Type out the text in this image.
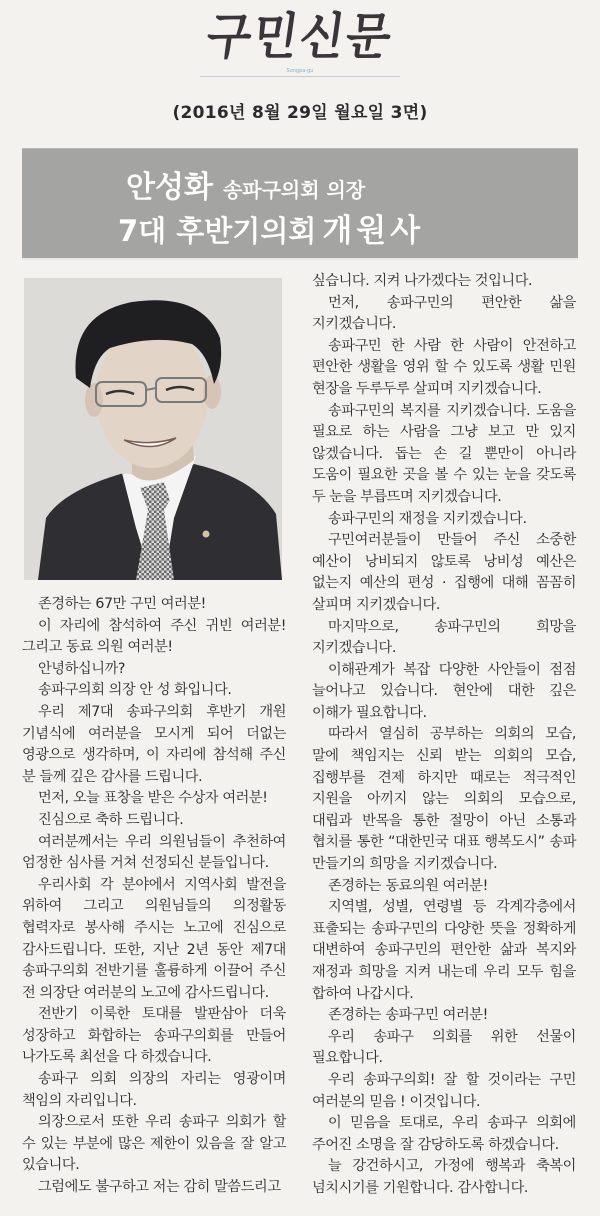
구민신문
Songpa-gu
(2016년 8월 29일 월요일 3면)
안성화 송파구의회 의장
7대 후반기의회 개원사

존경하는 67만 구민 여러분!

이 자리에 참석하여 주신 귀빈 여러분! 그리고 동료 의원 여러분!

안녕하십니까?

송파구의회 의장 안 성 화입니다.

우리 제7대 송파구의회 후반기 개원 기념식에 여러분을 모시게 되어 더없는 영광으로 생각하며, 이 자리에 참석해 주신 분 들께 깊은 감사를 드립니다.

먼저, 오늘 표창을 받은 수상자 여러분!

진심으로 축하 드립니다.

여러분께서는 우리 의원님들이 추천하여 엄정한 심사를 거쳐 선정되신 분들입니다.

우리사회 각 분야에서 지역사회 발전을 위하여 그리고 의원님들의 의정활동 협력자로 봉사해 주시는 노고에 진심으로 감사드립니다. 또한, 지난 2년 동안 제7대 송파구의회 전반기를 훌륭하게 이끌어 주신 전 의장단 여러분의 노고에 감사드립니다.

전반기 이룩한 토대를 발판삼아 더욱 성장하고 화합하는 송파구의회를 만들어 나가도록 최선을 다 하겠습니다.

송파구 의회 의장의 자리는 영광이며 책임의 자리입니다.

의장으로서 또한 우리 송파구 의회가 할 수 있는 부분에 많은 제한이 있음을 잘 알고 있습니다.

그럼에도 불구하고 저는 감히 말씀드리고

싶습니다. 지켜 나가겠다는 것입니다.

먼저, 송파구민의 편안한 삶을 지키겠습니다.

송파구민 한 사람 한 사람이 안전하고 편안한 생활을 영위 할 수 있도록 생활 민원 현장을 두루두루 살피며 지키겠습니다.

송파구민의 복지를 지키겠습니다. 도움을 필요로 하는 사람을 그냥 보고 만 있지 않겠습니다. 돕는 손 길 뿐만이 아니라 도움이 필요한 곳을 볼 수 있는 눈을 갖도록 두 눈을 부릅뜨며 지키겠습니다.

송파구민의 재정을 지키겠습니다.

구민여러분들이 만들어 주신 소중한 예산이 낭비되지 않토록 낭비성 예산은 없는지 예산의 편성 · 집행에 대해 꼼꼼히 살피며 지키겠습니다.

마지막으로, 송파구민의 희망을 지키겠습니다.

이해관계가 복잡 다양한 사안들이 점점 늘어나고 있습니다. 현안에 대한 깊은 이해가 필요합니다.

따라서 열심히 공부하는 의회의 모습, 말에 책임지는 신뢰 받는 의회의 모습, 집행부를 견제 하지만 때로는 적극적인 지원을 아끼지 않는 의회의 모습으로, 대립과 반목을 통한 절망이 아닌 소통과 협치를 통한 “대한민국 대표 행복도시” 송파 만들기의 희망을 지키겠습니다.

존경하는 동료의원 여러분!

지역별, 성별, 연령별 등 각계각층에서 표출되는 송파구민의 다양한 뜻을 정확하게 대변하여 송파구민의 편안한 삶과 복지와 재정과 희망을 지켜 내는데 우리 모두 힘을 합하여 나갑시다.

존경하는 송파구민 여러분!

우리 송파구 의회를 위한 선물이 필요합니다.

우리 송파구의회! 잘 할 것이라는 구민 여러분의 믿음 ! 이것입니다.

이 믿음을 토대로, 우리 송파구 의회에 주어진 소명을 잘 감당하도록 하겠습니다.

늘 강건하시고, 가정에 행복과 축복이 넘치시기를 기원합니다. 감사합니다.
